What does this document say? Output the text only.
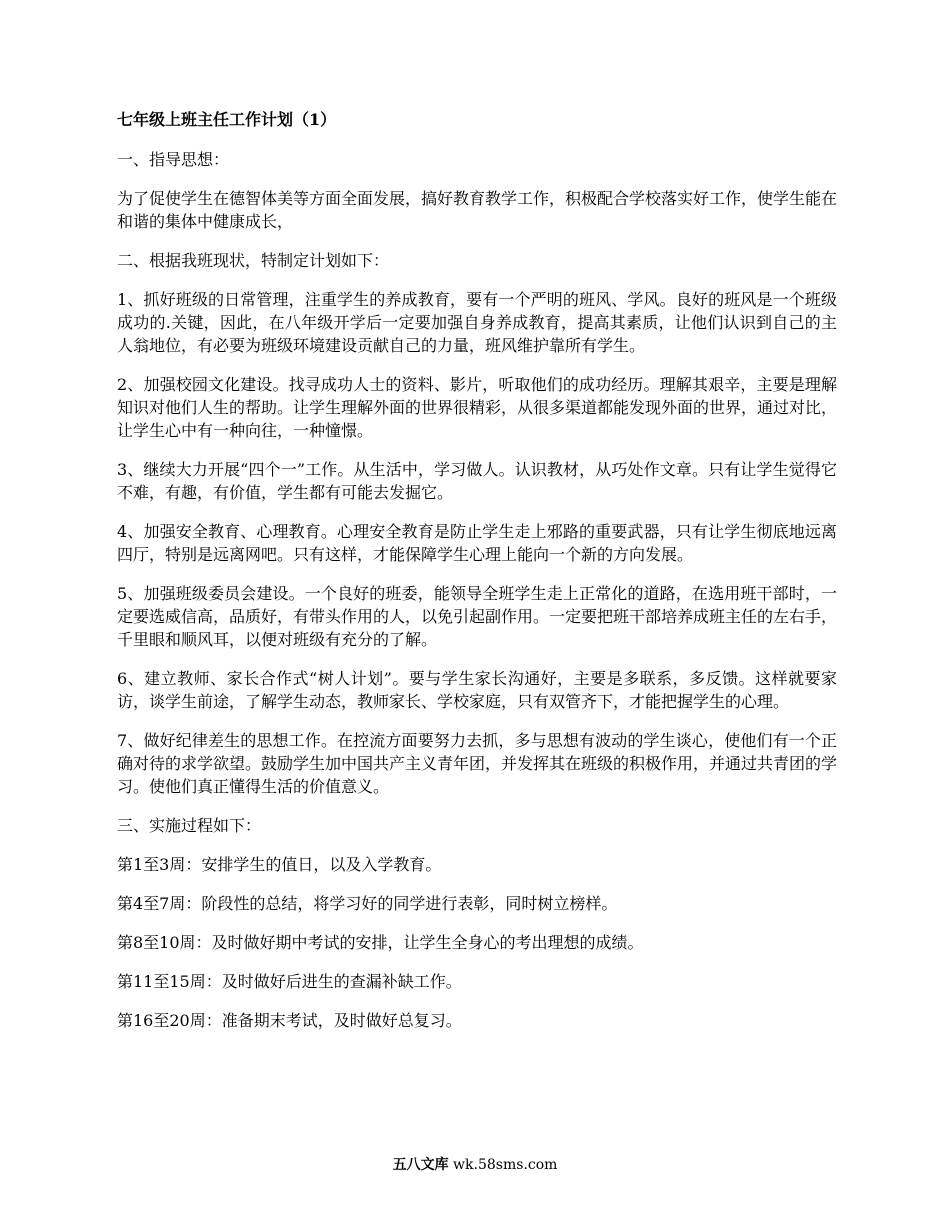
七年级上班主任工作计划（1）

一、指导思想：

为了促使学生在德智体美等方面全面发展，搞好教育教学工作，积极配合学校落实好工作，使学生能在和谐的集体中健康成长，

二、根据我班现状，特制定计划如下：

1、抓好班级的日常管理，注重学生的养成教育，要有一个严明的班风、学风。良好的班风是一个班级成功的.关键，因此，在八年级开学后一定要加强自身养成教育，提高其素质，让他们认识到自己的主人翁地位，有必要为班级环境建设贡献自己的力量，班风维护靠所有学生。

2、加强校园文化建设。找寻成功人士的资料、影片，听取他们的成功经历。理解其艰辛，主要是理解知识对他们人生的帮助。让学生理解外面的世界很精彩，从很多渠道都能发现外面的世界，通过对比，让学生心中有一种向往，一种憧憬。

3、继续大力开展“四个一”工作。从生活中，学习做人。认识教材，从巧处作文章。只有让学生觉得它不难，有趣，有价值，学生都有可能去发掘它。

4、加强安全教育、心理教育。心理安全教育是防止学生走上邪路的重要武器，只有让学生彻底地远离四厅，特别是远离网吧。只有这样，才能保障学生心理上能向一个新的方向发展。

5、加强班级委员会建设。一个良好的班委，能领导全班学生走上正常化的道路，在选用班干部时，一定要选威信高，品质好，有带头作用的人，以免引起副作用。一定要把班干部培养成班主任的左右手，千里眼和顺风耳，以便对班级有充分的了解。

6、建立教师、家长合作式“树人计划”。要与学生家长沟通好，主要是多联系，多反馈。这样就要家访，谈学生前途，了解学生动态，教师家长、学校家庭，只有双管齐下，才能把握学生的心理。

7、做好纪律差生的思想工作。在控流方面要努力去抓，多与思想有波动的学生谈心，使他们有一个正确对待的求学欲望。鼓励学生加中国共产主义青年团，并发挥其在班级的积极作用，并通过共青团的学习。使他们真正懂得生活的价值意义。

三、实施过程如下：

第1至3周：安排学生的值日，以及入学教育。

第4至7周：阶段性的总结，将学习好的同学进行表彰，同时树立榜样。

第8至10周：及时做好期中考试的安排，让学生全身心的考出理想的成绩。

第11至15周：及时做好后进生的查漏补缺工作。

第16至20周：准备期末考试，及时做好总复习。

五八文库 wk.58sms.com
